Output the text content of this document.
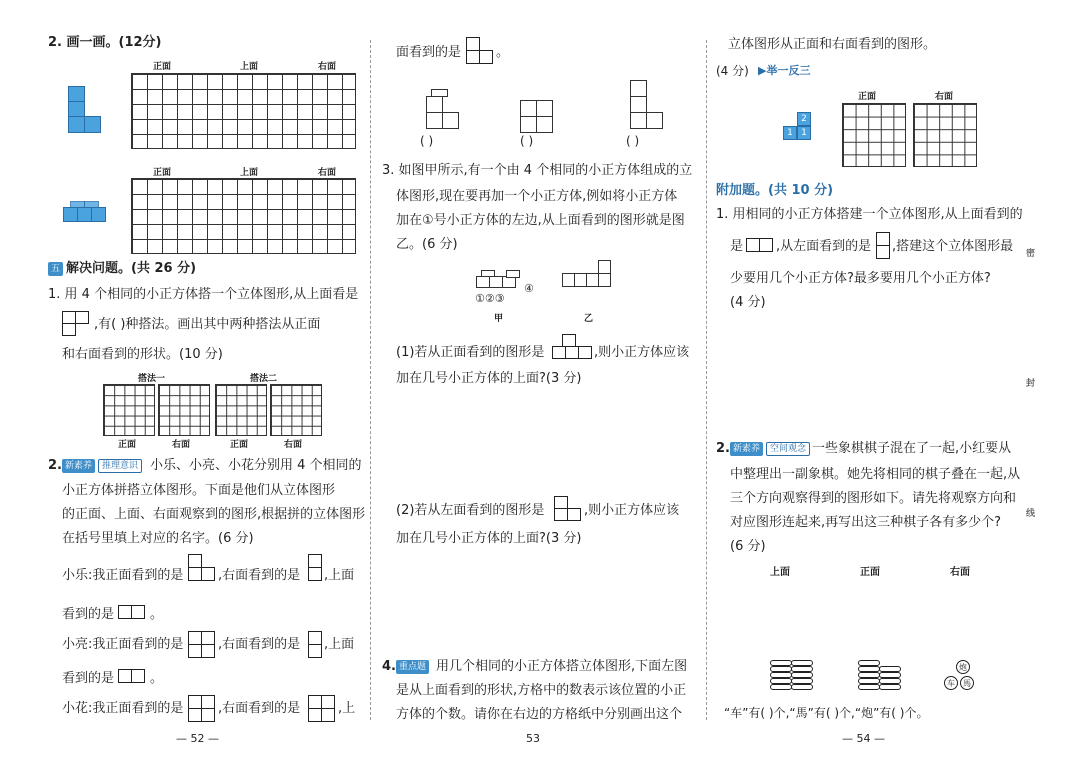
2. 画一画。(12分)
正面	上面	右面
正面	上面	右面
五 解决问题。(共 26 分)
1. 用 4 个相同的小正方体搭一个立体图形,从上面看是
,有( )种搭法。画出其中两种搭法从正面
和右面看到的形状。(10 分)
搭法一	搭法二
正面	右面	正面	右面
2. 新素养	推理意识 小乐、小亮、小花分别用 4 个相同的
小正方体拼搭立体图形。下面是他们从立体图形
的正面、上面、右面观察到的图形,根据拼的立体图形
在括号里填上对应的名字。(6 分)
小乐:我正面看到的是	,右面看到的是 ,上面
看到的是	。
小亮:我正面看到的是	,右面看到的是 ,上面
看到的是	。
小花:我正面看到的是	,右面看到的是	,上
— 52 —
面看到的是	。
( )	( )	( )
3. 如图甲所示,有一个由 4 个相同的小正方体组成的立
体图形,现在要再加一个小正方体,例如将小正方体
加在①号小正方体的左边,从上面看到的图形就是图
乙。(6 分)
①②③
④
甲	乙
(1)若从正面看到的图形是	,则小正方体应该
加在几号小正方体的上面?(3 分)
(2)若从左面看到的图形是	,则小正方体应该
加在几号小正方体的上面?(3 分)
4. 重点题 用几个相同的小正方体搭立体图形,下面左图
是从上面看到的形状,方格中的数表示该位置的小正
方体的个数。请你在右边的方格纸中分别画出这个
53
立体图形从正面和右面看到的图形。
(4 分) ▶举一反三
正面	右面
2
1 1
附加题。(共 10 分)
1. 用相同的小正方体搭建一个立体图形,从上面看到的
是	,从左面看到的是 ,搭建这个立体图形最
少要用几个小正方体?最多要用几个小正方体?
(4 分)
2. 新素养	空间观念 一些象棋棋子混在了一起,小红要从
中整理出一副象棋。她先将相同的棋子叠在一起,从
三个方向观察得到的图形如下。请先将观察方向和
对应图形连起来,再写出这三种棋子各有多少个?
(6 分)
上面	正面	右面
炮
车	馬
“车”有( )个,“馬”有( )个,“炮”有( )个。
密
封
线
— 54 —
